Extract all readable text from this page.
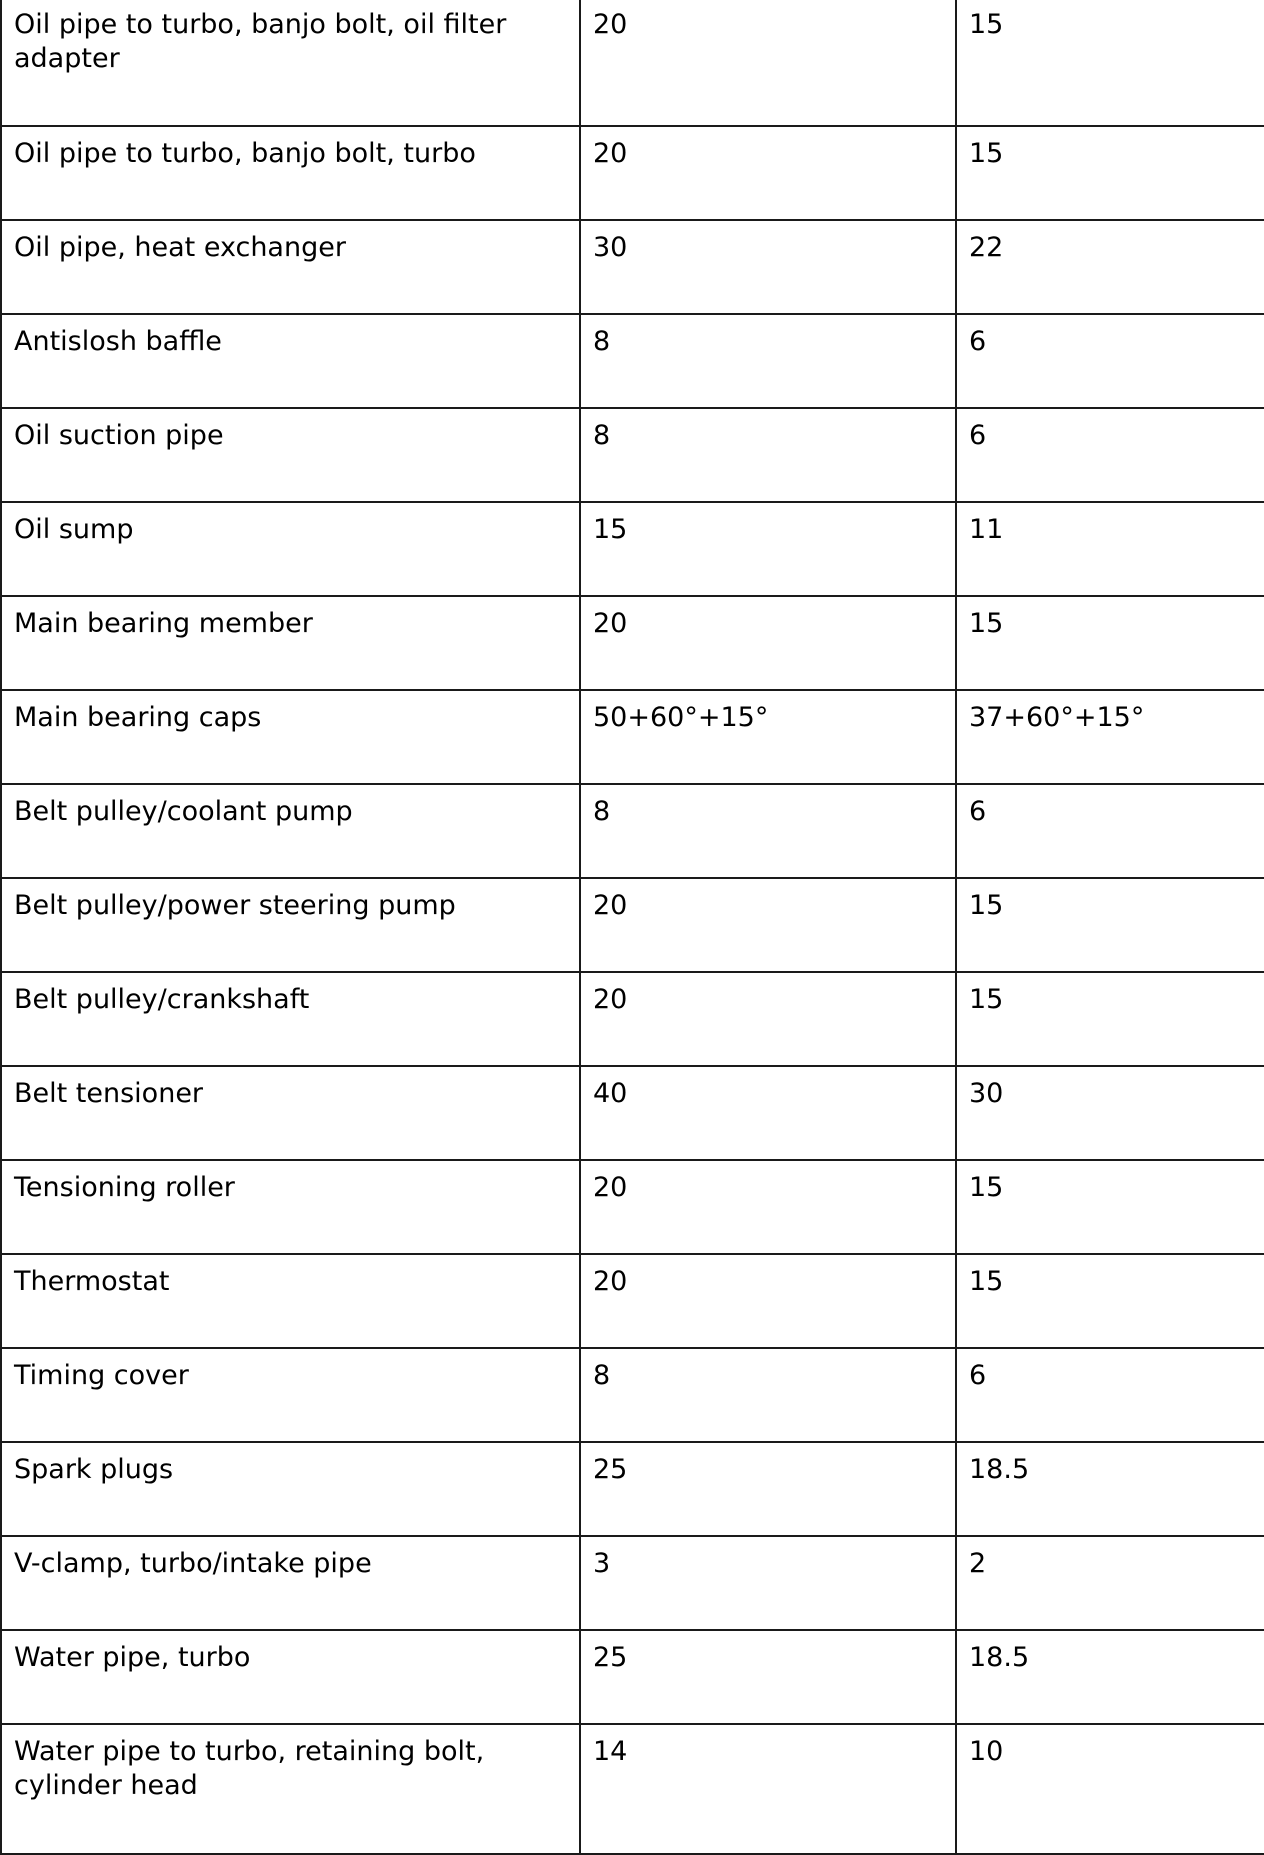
Oil pipe to turbo, banjo bolt, oil filter adapter	20	15
Oil pipe to turbo, banjo bolt, turbo	20	15
Oil pipe, heat exchanger	30	22
Antislosh baffle	8	6
Oil suction pipe	8	6
Oil sump	15	11
Main bearing member	20	15
Main bearing caps	50+60°+15°	37+60°+15°
Belt pulley/coolant pump	8	6
Belt pulley/power steering pump	20	15
Belt pulley/crankshaft	20	15
Belt tensioner	40	30
Tensioning roller	20	15
Thermostat	20	15
Timing cover	8	6
Spark plugs	25	18.5
V-clamp, turbo/intake pipe	3	2
Water pipe, turbo	25	18.5
Water pipe to turbo, retaining bolt, cylinder head	14	10
